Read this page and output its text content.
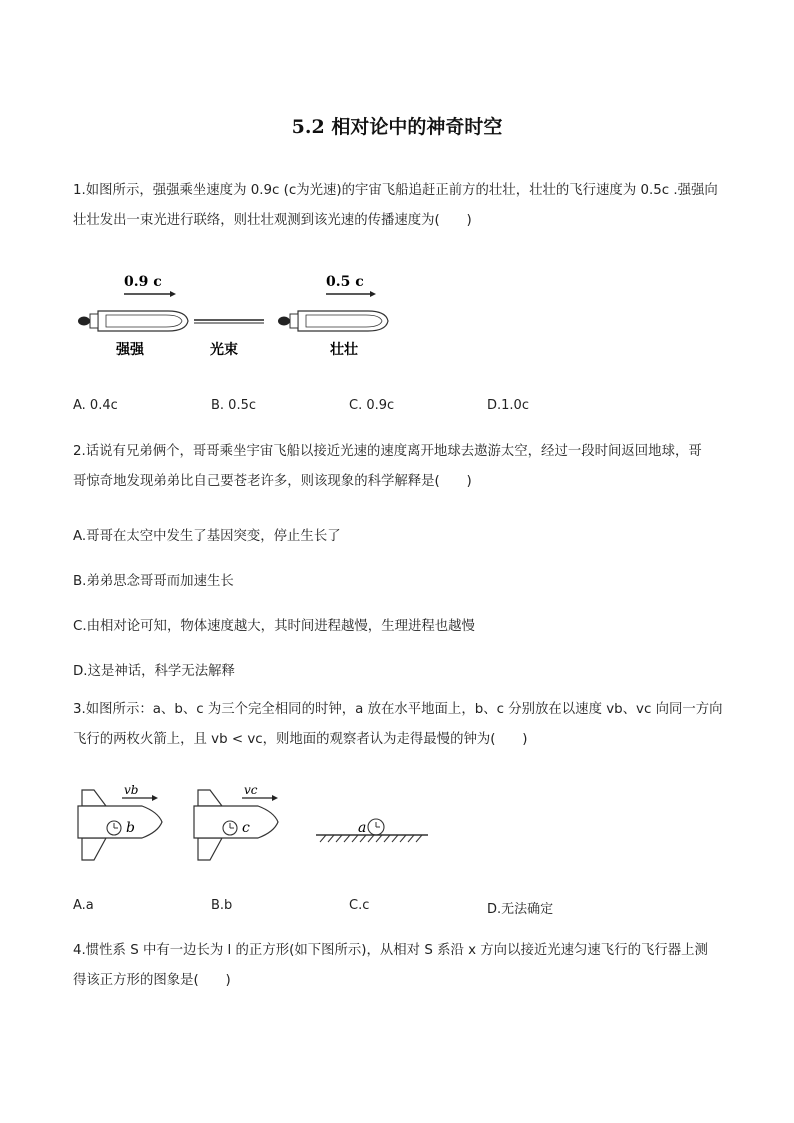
5.2 相对论中的神奇时空
1.如图所示，强强乘坐速度为 0.9c (c为光速)的宇宙飞船追赶正前方的壮壮，壮壮的飞行速度为 0.5c .强强向
壮壮发出一束光进行联络，则壮壮观测到该光速的传播速度为(　　)
0.9 c	0.5 c
强强	光束	壮壮
A. 0.4c	B. 0.5c	C. 0.9c	D.1.0c
2.话说有兄弟俩个，哥哥乘坐宇宙飞船以接近光速的速度离开地球去遨游太空，经过一段时间返回地球，哥
哥惊奇地发现弟弟比自己要苍老许多，则该现象的科学解释是(　　)
A.哥哥在太空中发生了基因突变，停止生长了
B.弟弟思念哥哥而加速生长
C.由相对论可知，物体速度越大，其时间进程越慢，生理进程也越慢
D.这是神话，科学无法解释
3.如图所示：a、b、c 为三个完全相同的时钟，a 放在水平地面上，b、c 分别放在以速度 vb、vc 向同一方向
飞行的两枚火箭上，且 vb < vc，则地面的观察者认为走得最慢的钟为(　　)
vb
b
vc
c	a
A.a	B.b	C.c	D.无法确定
4.惯性系 S 中有一边长为 l 的正方形(如下图所示)，从相对 S 系沿 x 方向以接近光速匀速飞行的飞行器上测
得该正方形的图象是(　　)
